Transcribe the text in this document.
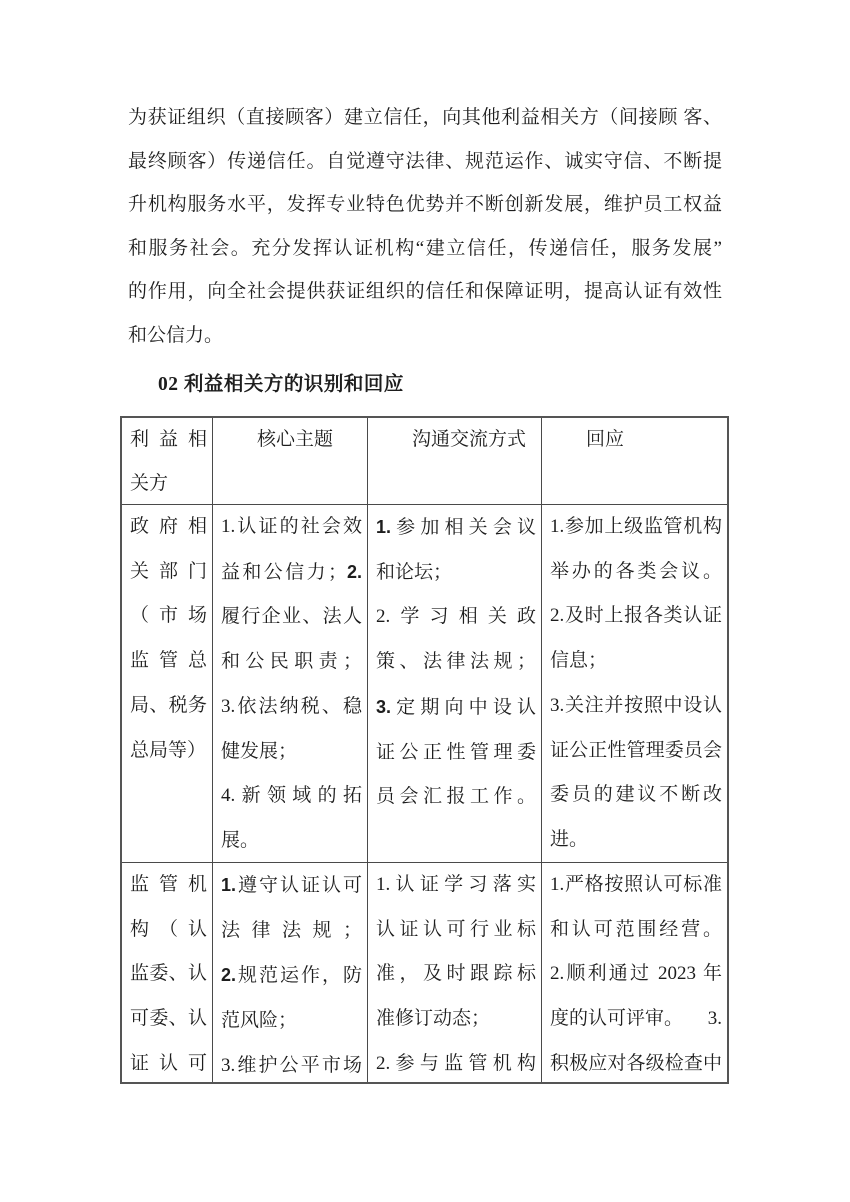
为获证组织（直接顾客）建立信任，向其他利益相关方（间接顾 客、
最终顾客）传递信任。自觉遵守法律、规范运作、诚实守信、不断提
升机构服务水平，发挥专业特色优势并不断创新发展，维护员工权益
和服务社会。充分发挥认证机构“建立信任，传递信任，服务发展”
的作用，向全社会提供获证组织的信任和保障证明，提高认证有效性
和公信力。
02 利益相关方的识别和回应
利益相
关方
核心主题	沟通交流方式	回应
政府相
关部门
（市场
监管总
局、税务
总局等）
1.认证的社会效
益和公信力；2.
履行企业、法人
和公民职责；
3.依法纳税、稳
健发展；
4.新领域的拓
展。
1.参加相关会议
和论坛；
2.学习相关政
策、法律法规；
3.定期向中设认
证公正性管理委
员会汇报工作。
1.参加上级监管机构
举办的各类会议。
2.及时上报各类认证
信息；
3.关注并按照中设认
证公正性管理委员会
委员的建议不断改
进。
监管机
构（认
监委、认
可委、认
证认可
1.遵守认证认可
法律法规；
2.规范运作，防
范风险；
3.维护公平市场
1.认证学习落实
认证认可行业标
准，及时跟踪标
准修订动态；
2.参与监管机构
1.严格按照认可标准
和认可范围经营。
2.顺利通过 2023 年
度的认可评审。 3.
积极应对各级检查中
